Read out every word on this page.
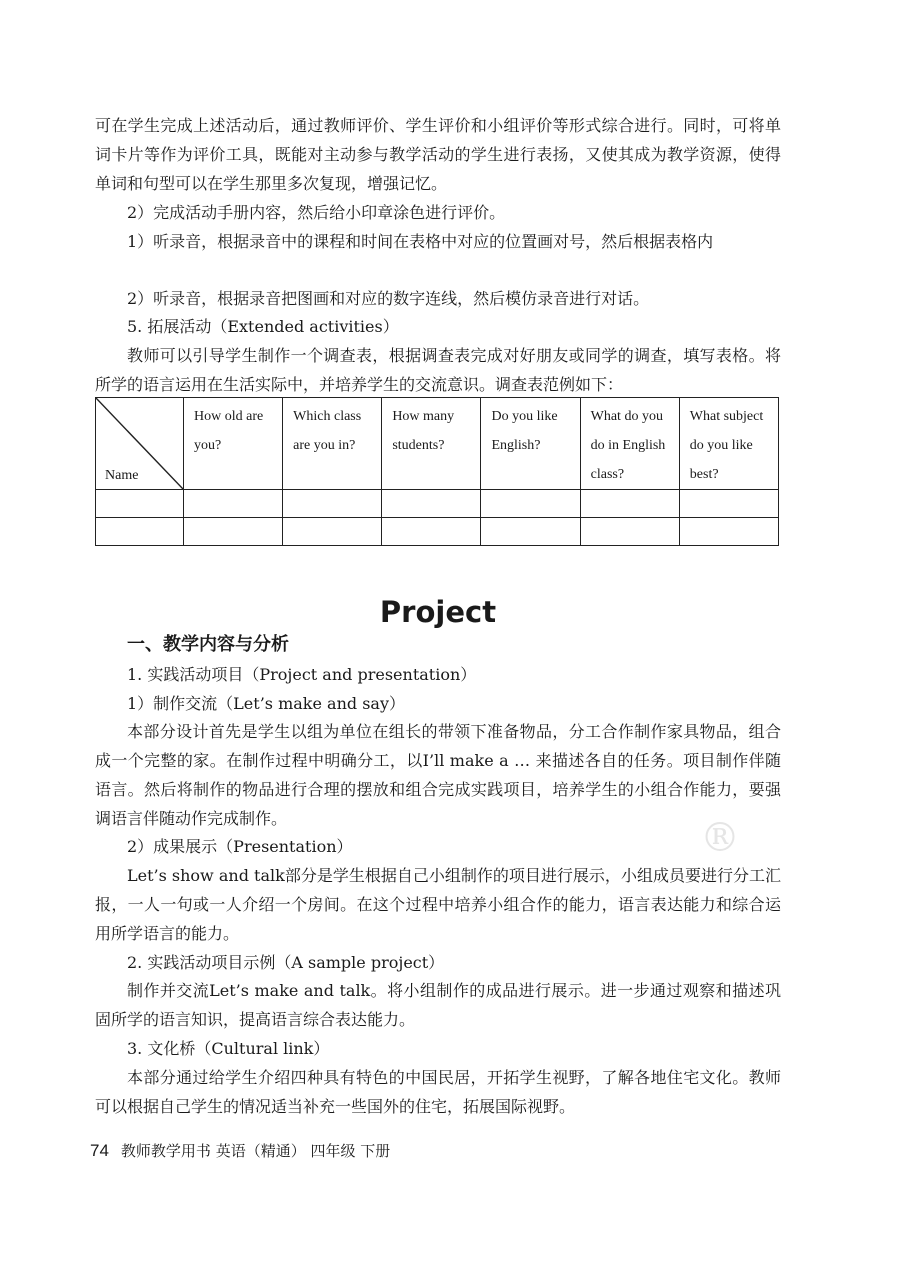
可在学生完成上述活动后，通过教师评价、学生评价和小组评价等形式综合进行。同时，可将单词卡片等作为评价工具，既能对主动参与教学活动的学生进行表扬，又使其成为教学资源，使得单词和句型可以在学生那里多次复现，增强记忆。
2）完成活动手册内容，然后给小印章涂色进行评价。
1）听录音，根据录音中的课程和时间在表格中对应的位置画对号，然后根据表格内
2）听录音，根据录音把图画和对应的数字连线，然后模仿录音进行对话。
5. 拓展活动（Extended activities）
教师可以引导学生制作一个调查表，根据调查表完成对好朋友或同学的调查，填写表格。将所学的语言运用在生活实际中，并培养学生的交流意识。调查表范例如下：
Name	How old are you?	Which class are you in?	How many students?	Do you like English?	What do you do in English class?	What subject do you like best?

Project
一、教学内容与分析
1. 实践活动项目（Project and presentation）
1）制作交流（Let’s make and say）
本部分设计首先是学生以组为单位在组长的带领下准备物品，分工合作制作家具物品，组合成一个完整的家。在制作过程中明确分工，以I’ll make a … 来描述各自的任务。项目制作伴随语言。然后将制作的物品进行合理的摆放和组合完成实践项目，培养学生的小组合作能力，要强调语言伴随动作完成制作。
2）成果展示（Presentation）
Let’s show and talk部分是学生根据自己小组制作的项目进行展示，小组成员要进行分工汇报，一人一句或一人介绍一个房间。在这个过程中培养小组合作的能力，语言表达能力和综合运用所学语言的能力。
2. 实践活动项目示例（A sample project）
制作并交流Let’s make and talk。将小组制作的成品进行展示。进一步通过观察和描述巩固所学的语言知识，提高语言综合表达能力。
3. 文化桥（Cultural link）
本部分通过给学生介绍四种具有特色的中国民居，开拓学生视野，了解各地住宅文化。教师可以根据自己学生的情况适当补充一些国外的住宅，拓展国际视野。
®
74 教师教学用书 英语（精通） 四年级 下册
